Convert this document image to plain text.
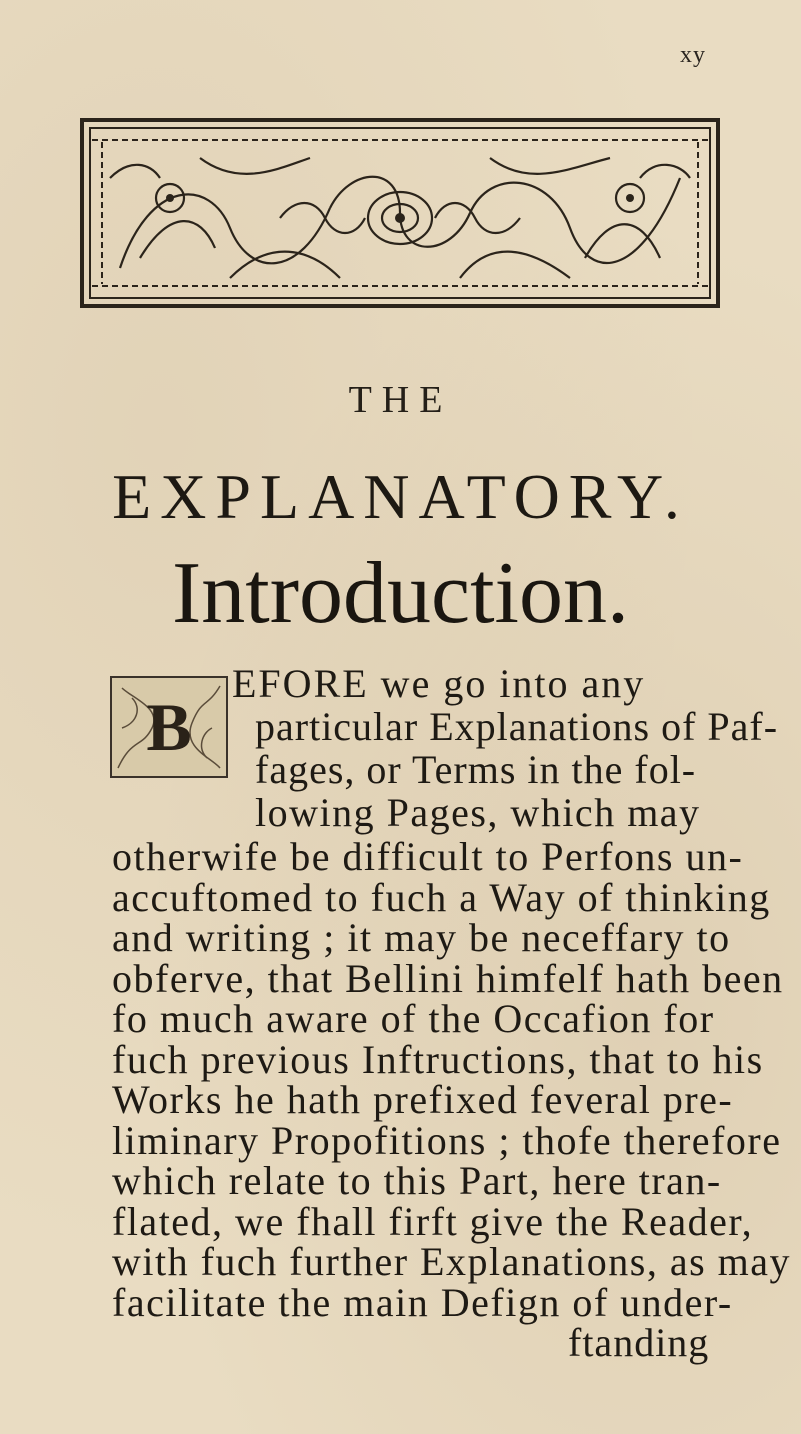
xy
THE
EXPLANATORY.
Introduction.
B
EFORE we go into any
particular Explanations of Paf-
fages, or Terms in the fol-
lowing Pages, which may
otherwife be difficult to Perfons un-
accuftomed to fuch a Way of thinking
and writing ; it may be neceffary to
obferve, that Bellini himfelf hath been
fo much aware of the Occafion for
fuch previous Inftructions, that to his
Works he hath prefixed feveral pre-
liminary Propofitions ; thofe therefore
which relate to this Part, here tran-
flated, we fhall firft give the Reader,
with fuch further Explanations, as may
ftanding
facilitate the main Defign of under-
